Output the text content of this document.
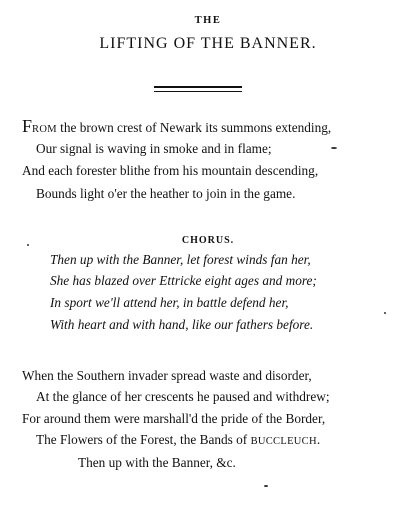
THE
LIFTING OF THE BANNER.
FROM the brown crest of Newark its summons extending,
Our signal is waving in smoke and in flame;
And each forester blithe from his mountain descending,
Bounds light o'er the heather to join in the game.
CHORUS.
Then up with the Banner, let forest winds fan her,
She has blazed over Ettricke eight ages and more;
In sport we'll attend her, in battle defend her,
With heart and with hand, like our fathers before.
When the Southern invader spread waste and disorder,
At the glance of her crescents he paused and withdrew;
For around them were marshall'd the pride of the Border,
The Flowers of the Forest, the Bands of BUCCLEUCH.
Then up with the Banner, &c.
